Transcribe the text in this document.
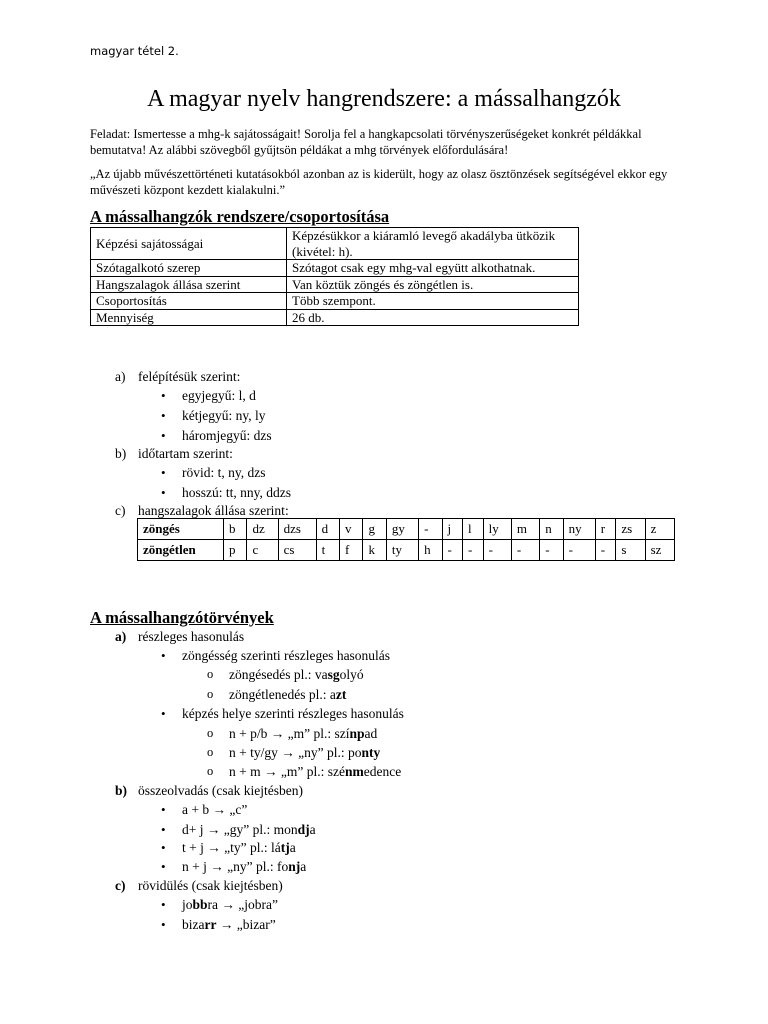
magyar tétel 2.
A magyar nyelv hangrendszere: a mássalhangzók
Feladat: Ismertesse a mhg-k sajátosságait! Sorolja fel a hangkapcsolati törvényszerűségeket konkrét példákkal bemutatva! Az alábbi szövegből gyűjtsön példákat a mhg törvények előfordulására!
„Az újabb művészettörténeti kutatásokból azonban az is kiderült, hogy az olasz ösztönzések segítségével ekkor egy művészeti központ kezdett kialakulni.”
A mássalhangzók rendszere/csoportosítása
Képzési sajátosságai	Képzésükkor a kiáramló levegő akadályba ütközik (kivétel: h).
Szótagalkotó szerep	Szótagot csak egy mhg-val együtt alkothatnak.
Hangszalagok állása szerint	Van köztük zöngés és zöngétlen is.
Csoportosítás	Több szempont.
Mennyiség	26 db.
a) felépítésük szerint:
• egyjegyű: l, d
• kétjegyű: ny, ly
• háromjegyű: dzs
b) időtartam szerint:
• rövid: t, ny, dzs
• hosszú: tt, nny, ddzs
c) hangszalagok állása szerint:
zöngés	b	dz	dzs	d	v	g	gy	-	j	l	ly	m	n	ny	r	zs	z
zöngétlen	p	c	cs	t	f	k	ty	h	-	-	-	-	-	-	-	s	sz
A mássalhangzótörvények
a) részleges hasonulás
• zöngésség szerinti részleges hasonulás
o zöngésedés pl.: vasgolyó
o zöngétlenedés pl.: azt
• képzés helye szerinti részleges hasonulás
o n + p/b → „m” pl.: színpad
o n + ty/gy → „ny” pl.: ponty
o n + m → „m” pl.: szénmedence
b) összeolvadás (csak kiejtésben)
• a + b → „c”
• d+ j → „gy” pl.: mondja
• t + j → „ty” pl.: látja
• n + j → „ny” pl.: fonja
c) rövidülés (csak kiejtésben)
• jobbra → „jobra”
• bizarr → „bizar”
